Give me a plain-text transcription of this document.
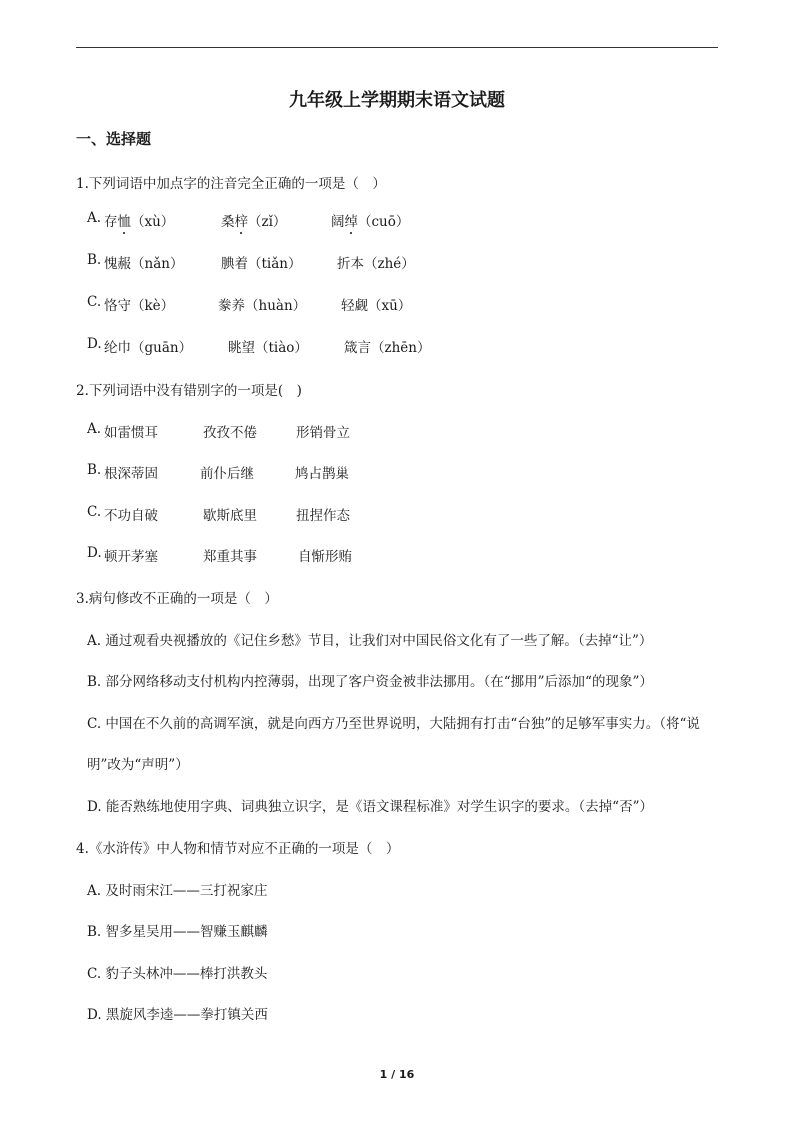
九年级上学期期末语文试题
一、选择题
1.下列词语中加点字的注音完全正确的一项是（　）
A. 存恤（xù）	桑梓（zǐ）	阔绰（cuō）
B. 愧赧（nǎn）	腆着（tiǎn）	折本（zhé）
C. 恪守（kè）	豢养（huàn）	轻觑（xū）
D. 纶巾（guān）	眺望（tiào）	箴言（zhēn）
2.下列词语中没有错别字的一项是(　)
A. 如雷惯耳	孜孜不倦	形销骨立
B. 根深蒂固	前仆后继	鸠占鹊巢
C. 不功自破	歇斯底里	扭捏作态
D. 顿开茅塞	郑重其事	自惭形贿
3.病句修改不正确的一项是（　）
A. 通过观看央视播放的《记住乡愁》节目，让我们对中国民俗文化有了一些了解。（去掉“让”）
B. 部分网络移动支付机构内控薄弱，出现了客户资金被非法挪用。（在“挪用”后添加“的现象”）
C. 中国在不久前的高调军演，就是向西方乃至世界说明，大陆拥有打击“台独”的足够军事实力。（将“说
明”改为“声明”）
D. 能否熟练地使用字典、词典独立识字，是《语文课程标准》对学生识字的要求。（去掉“否”）
4.《水浒传》中人物和情节对应不正确的一项是（　）
A. 及时雨宋江——三打祝家庄
B. 智多星吴用——智赚玉麒麟
C. 豹子头林冲——棒打洪教头
D. 黑旋风李逵——拳打镇关西
1 / 16
